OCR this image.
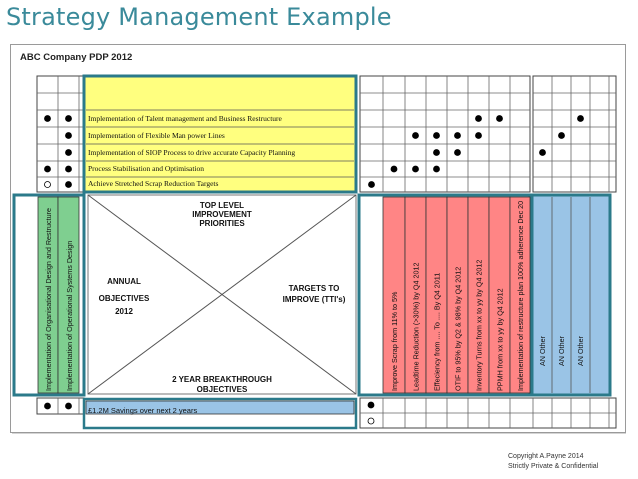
Strategy Management Example
ABC Company PDP 2012
Implementation of Organisational Design and Restructure Implementation of Operational Systems Design	Improve Scrap from 11% to 5% Leadtime Reduction (>30%) by Q4 2012 Effeciency from .... To .... By Q4 2011 OTIF to 95% by Q2 & 98% by Q4 2012 Inventory Turns from xx to yy by Q4 2012 PPMH from xx to yy by Q4 2012 Implementation of restructure plan 100% adherence Dec 20 AN Other AN Other AN Other
TOP LEVEL
IMPROVEMENT
PRIORITIES
ANNUAL
OBJECTIVES
2012
TARGETS TO
IMPROVE (TTI's)
2 YEAR BREAKTHROUGH
OBJECTIVES
Implementation of Talent management and Business Restructure
Implementation of Flexible Man power Lines
Implementation of SIOP Process to drive accurate Capacity Planning
Process Stabilisation and Optimisation
Achieve Stretched Scrap Reduction Targets
£1.2M Savings over next 2 years
Copyright A.Payne 2014
Strictly Private & Confidential
